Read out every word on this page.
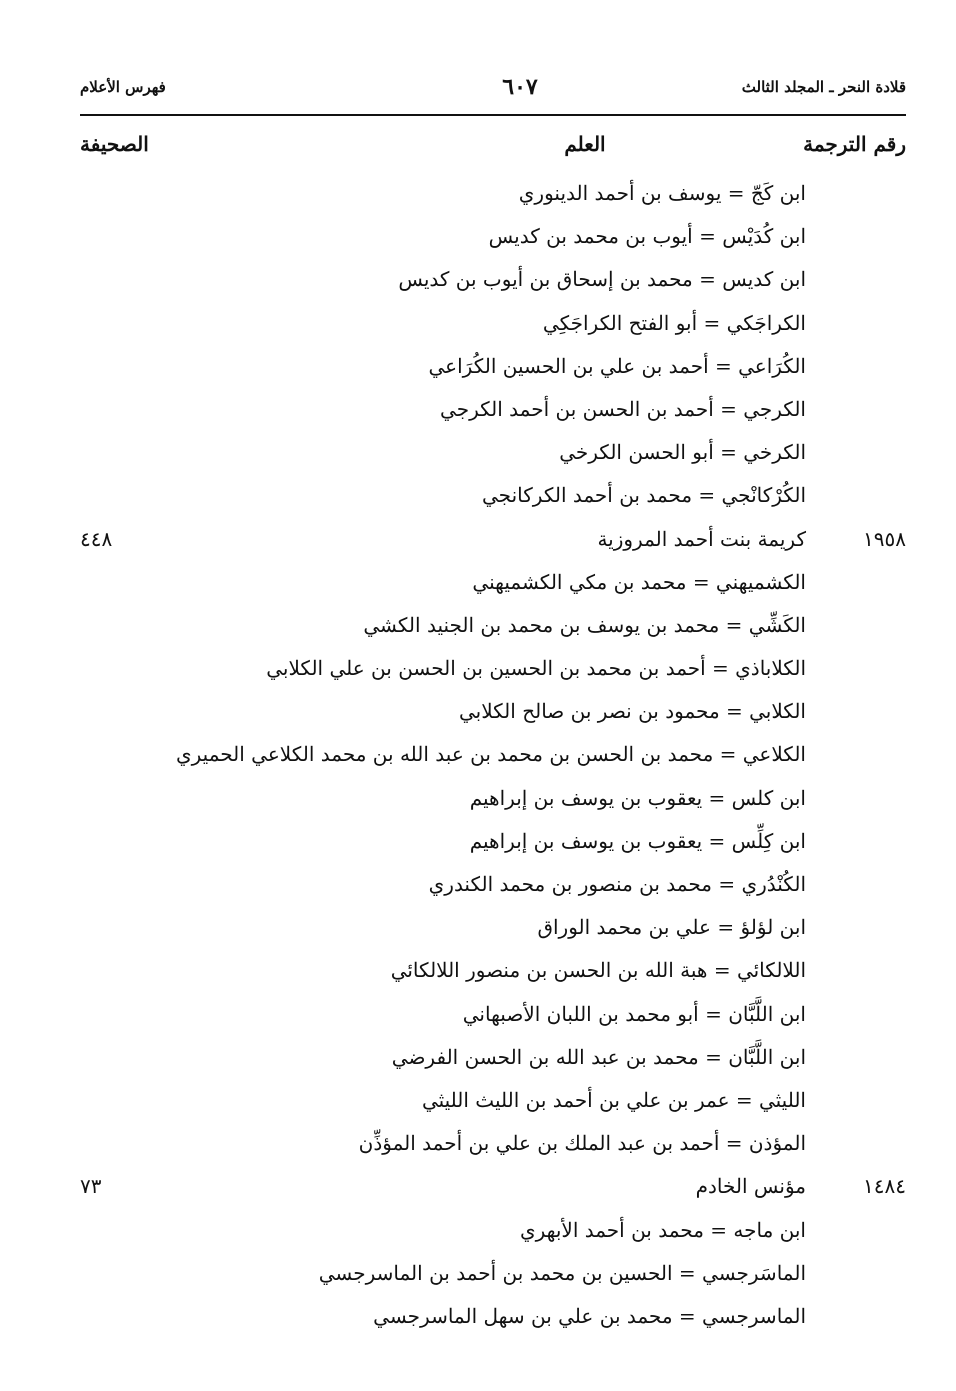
قلادة النحر ـ المجلد الثالث
٦٠٧
فهرس الأعلام
رقم الترجمة
العلم
الصحيفة
ابن كَجّ = يوسف بن أحمد الدينوري
ابن كُدَيْس = أيوب بن محمد بن كديس
ابن كديس = محمد بن إسحاق بن أيوب بن كديس
الكراجَكي = أبو الفتح الكراجَكِي
الكُرَاعي = أحمد بن علي بن الحسين الكُرَاعي
الكرجي = أحمد بن الحسن بن أحمد الكرجي
الكرخي = أبو الحسن الكرخي
الكُرْكانْجي = محمد بن أحمد الكركانجي
١٩٥٨
كريمة بنت أحمد المروزية
٤٤٨
الكشميهني = محمد بن مكي الكشميهني
الكَشِّي = محمد بن يوسف بن محمد بن الجنيد الكشي
الكلاباذي = أحمد بن محمد بن الحسين بن الحسن بن علي الكلابي
الكلابي = محمود بن نصر بن صالح الكلابي
الكلاعي = محمد بن الحسن بن محمد بن عبد الله بن محمد الكلاعي الحميري
ابن كلس = يعقوب بن يوسف بن إبراهيم
ابن كِلِّس = يعقوب بن يوسف بن إبراهيم
الكُنْدُري = محمد بن منصور بن محمد الكندري
ابن لؤلؤ = علي بن محمد الوراق
اللالكائي = هبة الله بن الحسن بن منصور اللالكائي
ابن اللَّبَّان = أبو محمد بن اللبان الأصبهاني
ابن اللَّبَّان = محمد بن عبد الله بن الحسن الفرضي
الليثي = عمر بن علي بن أحمد بن الليث الليثي
المؤذن = أحمد بن عبد الملك بن علي بن أحمد المؤذِّن
١٤٨٤
مؤنس الخادم
٧٣
ابن ماجه = محمد بن أحمد الأبهري
الماسَرجسي = الحسين بن محمد بن أحمد بن الماسرجسي
الماسرجسي = محمد بن علي بن سهل الماسرجسي
